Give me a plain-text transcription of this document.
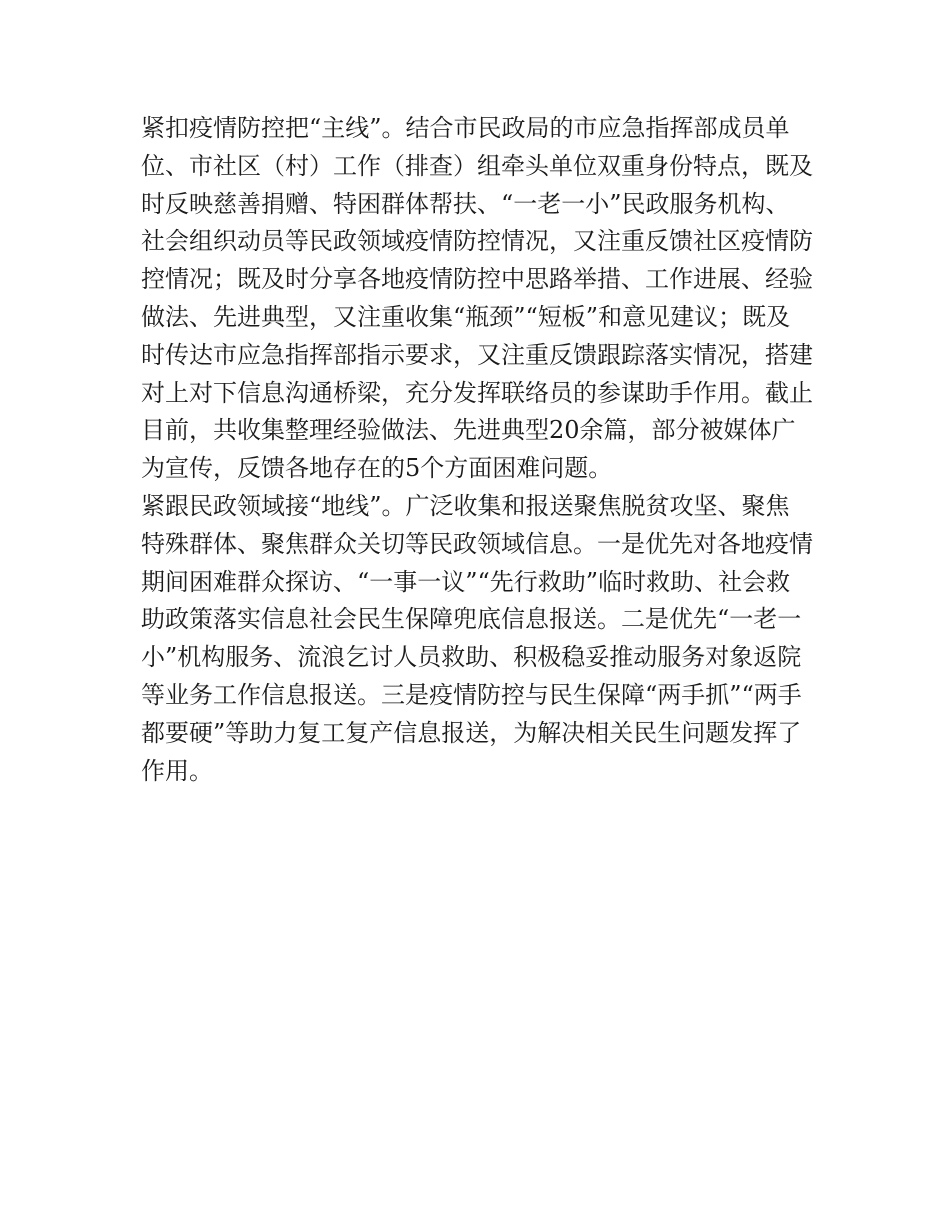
紧扣疫情防控把“主线”。结合市民政局的市应急指挥部成员单位、市社区（村）工作（排查）组牵头单位双重身份特点，既及时反映慈善捐赠、特困群体帮扶、“一老一小”民政服务机构、社会组织动员等民政领域疫情防控情况，又注重反馈社区疫情防控情况；既及时分享各地疫情防控中思路举措、工作进展、经验做法、先进典型，又注重收集“瓶颈”“短板”和意见建议；既及时传达市应急指挥部指示要求，又注重反馈跟踪落实情况，搭建对上对下信息沟通桥梁，充分发挥联络员的参谋助手作用。截止目前，共收集整理经验做法、先进典型20余篇，部分被媒体广为宣传，反馈各地存在的5个方面困难问题。

紧跟民政领域接“地线”。广泛收集和报送聚焦脱贫攻坚、聚焦特殊群体、聚焦群众关切等民政领域信息。一是优先对各地疫情期间困难群众探访、“一事一议”“先行救助”临时救助、社会救助政策落实信息社会民生保障兜底信息报送。二是优先“一老一小”机构服务、流浪乞讨人员救助、积极稳妥推动服务对象返院等业务工作信息报送。三是疫情防控与民生保障“两手抓”“两手都要硬”等助力复工复产信息报送，为解决相关民生问题发挥了作用。
